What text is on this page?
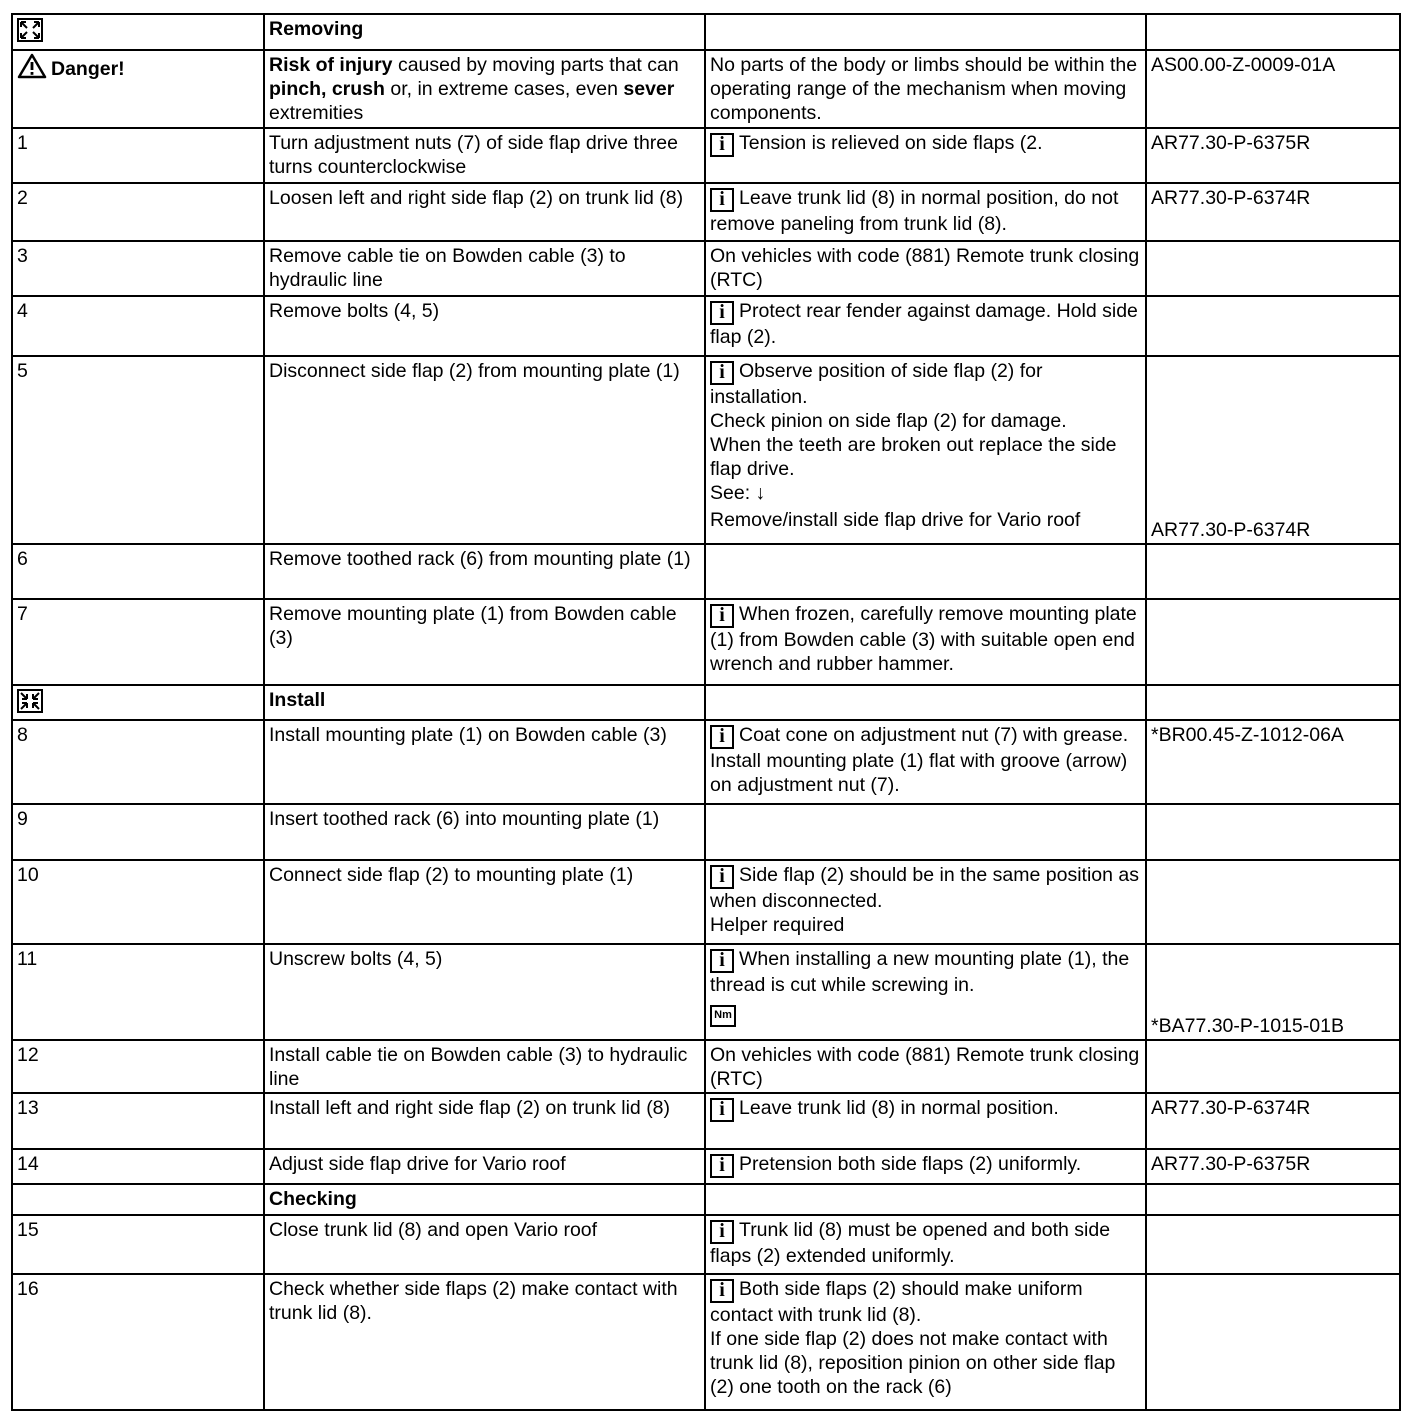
	Removing		
Danger!	Risk of injury caused by moving parts that can pinch, crush or, in extreme cases, even sever extremities	No parts of the body or limbs should be within the operating range of the mechanism when moving components.	AS00.00-Z-0009-01A
1	Turn adjustment nuts (7) of side flap drive three turns counterclockwise	i Tension is relieved on side flaps (2.	AR77.30-P-6375R
2	Loosen left and right side flap (2) on trunk lid (8)	i Leave trunk lid (8) in normal position, do not remove paneling from trunk lid (8).	AR77.30-P-6374R
3	Remove cable tie on Bowden cable (3) to hydraulic line	On vehicles with code (881) Remote trunk closing (RTC)	
4	Remove bolts (4, 5)	i Protect rear fender against damage. Hold side flap (2).	
5	Disconnect side flap (2) from mounting plate (1)	i Observe position of side flap (2) for installation.
Check pinion on side flap (2) for damage.
When the teeth are broken out replace the side flap drive.
See: ↓
Remove/install side flap drive for Vario roof	AR77.30-P-6374R
6	Remove toothed rack (6) from mounting plate (1)		
7	Remove mounting plate (1) from Bowden cable (3)	i When frozen, carefully remove mounting plate (1) from Bowden cable (3) with suitable open end wrench and rubber hammer.	
	Install		
8	Install mounting plate (1) on Bowden cable (3)	i Coat cone on adjustment nut (7) with grease. Install mounting plate (1) flat with groove (arrow) on adjustment nut (7).	*BR00.45-Z-1012-06A
9	Insert toothed rack (6) into mounting plate (1)		
10	Connect side flap (2) to mounting plate (1)	i Side flap (2) should be in the same position as when disconnected.
Helper required	

11	Unscrew bolts (4, 5)	i When installing a new mounting plate (1), the thread is cut while screwing in.
Nm	*BA77.30-P-1015-01B
12	Install cable tie on Bowden cable (3) to hydraulic line	On vehicles with code (881) Remote trunk closing (RTC)	
13	Install left and right side flap (2) on trunk lid (8)	i Leave trunk lid (8) in normal position.	AR77.30-P-6374R
14	Adjust side flap drive for Vario roof	i Pretension both side flaps (2) uniformly.	AR77.30-P-6375R
	Checking		
15	Close trunk lid (8) and open Vario roof	i Trunk lid (8) must be opened and both side flaps (2) extended uniformly.	
16	Check whether side flaps (2) make contact with trunk lid (8).	i Both side flaps (2) should make uniform contact with trunk lid (8).
If one side flap (2) does not make contact with trunk lid (8), reposition pinion on other side flap (2) one tooth on the rack (6)	
